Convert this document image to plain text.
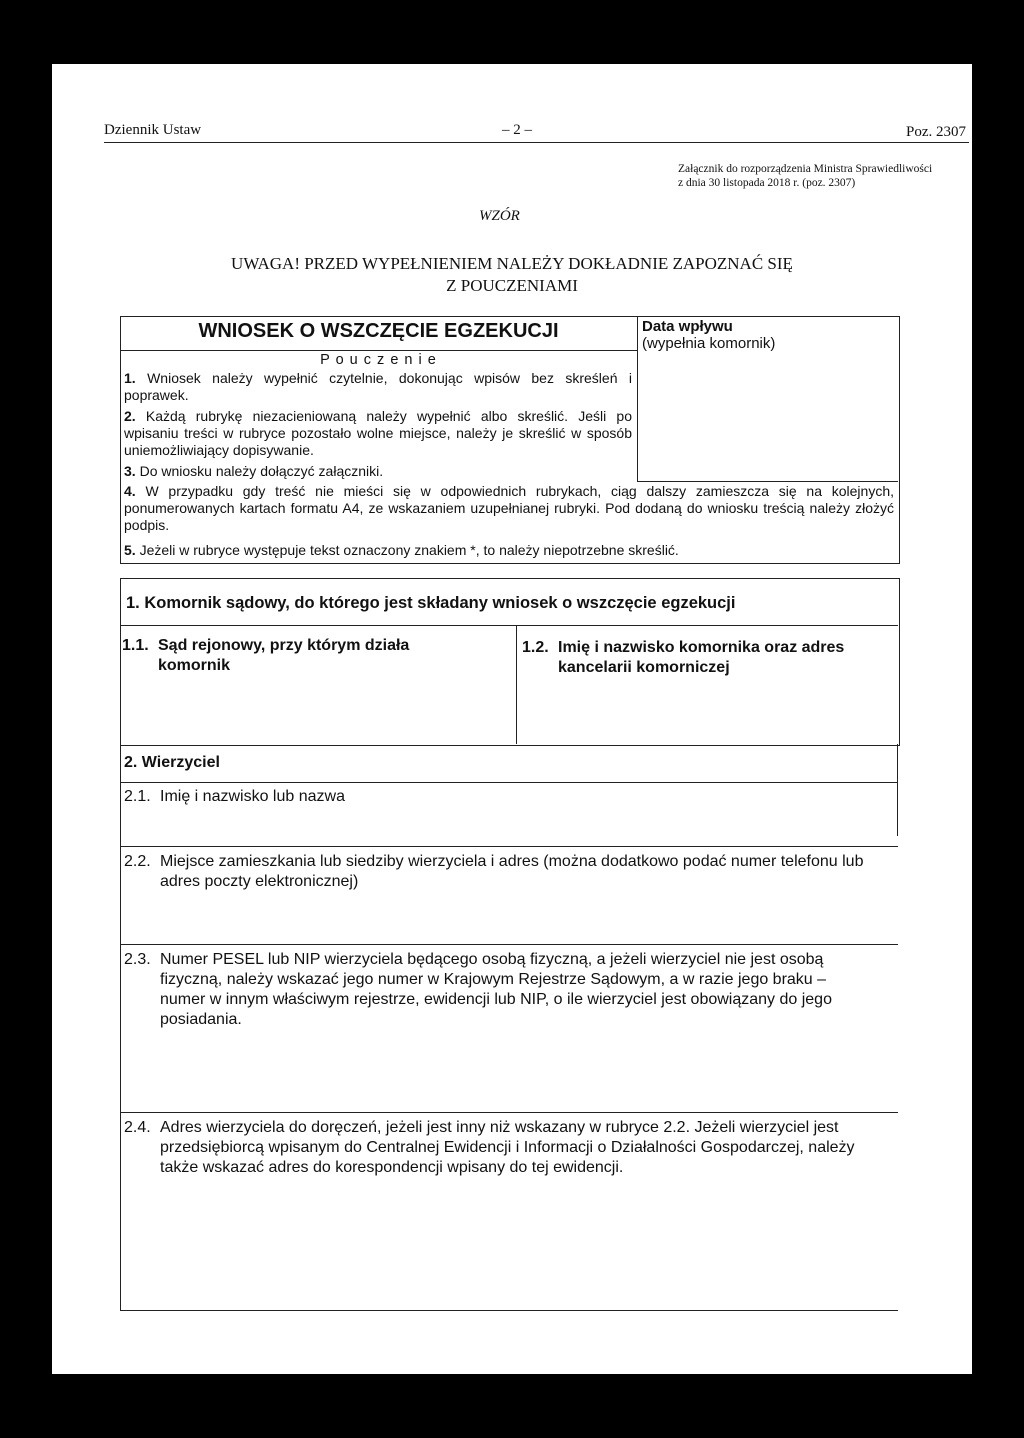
Dziennik Ustaw	– 2 –	Poz. 2307
Załącznik do rozporządzenia Ministra Sprawiedliwości
z dnia 30 listopada 2018 r. (poz. 2307)
WZÓR
UWAGA! PRZED WYPEŁNIENIEM NALEŻY DOKŁADNIE ZAPOZNAĆ SIĘ
Z POUCZENIAMI
WNIOSEK O WSZCZĘCIE EGZEKUCJI	Data wpływu
(wypełnia komornik)
P o u c z e n i e
1. Wniosek należy wypełnić czytelnie, dokonując wpisów bez skreśleń i poprawek.
2. Każdą rubrykę niezacieniowaną należy wypełnić albo skreślić. Jeśli po wpisaniu treści w rubryce pozostało wolne miejsce, należy je skreślić w sposób uniemożliwiający dopisywanie.
3. Do wniosku należy dołączyć załączniki.
4. W przypadku gdy treść nie mieści się w odpowiednich rubrykach, ciąg dalszy zamieszcza się na kolejnych, ponumerowanych kartach formatu A4, ze wskazaniem uzupełnianej rubryki. Pod dodaną do wniosku treścią należy złożyć podpis.
5. Jeżeli w rubryce występuje tekst oznaczony znakiem *, to należy niepotrzebne skreślić.
1. Komornik sądowy, do którego jest składany wniosek o wszczęcie egzekucji
1.1. Sąd rejonowy, przy którym działa komornik
1.2. Imię i nazwisko komornika oraz adres kancelarii komorniczej
2. Wierzyciel
2.1. Imię i nazwisko lub nazwa
2.2. Miejsce zamieszkania lub siedziby wierzyciela i adres (można dodatkowo podać numer telefonu lub adres poczty elektronicznej)
2.3. Numer PESEL lub NIP wierzyciela będącego osobą fizyczną, a jeżeli wierzyciel nie jest osobą fizyczną, należy wskazać jego numer w Krajowym Rejestrze Sądowym, a w razie jego braku – numer w innym właściwym rejestrze, ewidencji lub NIP, o ile wierzyciel jest obowiązany do jego posiadania.
2.4. Adres wierzyciela do doręczeń, jeżeli jest inny niż wskazany w rubryce 2.2. Jeżeli wierzyciel jest przedsiębiorcą wpisanym do Centralnej Ewidencji i Informacji o Działalności Gospodarczej, należy także wskazać adres do korespondencji wpisany do tej ewidencji.
